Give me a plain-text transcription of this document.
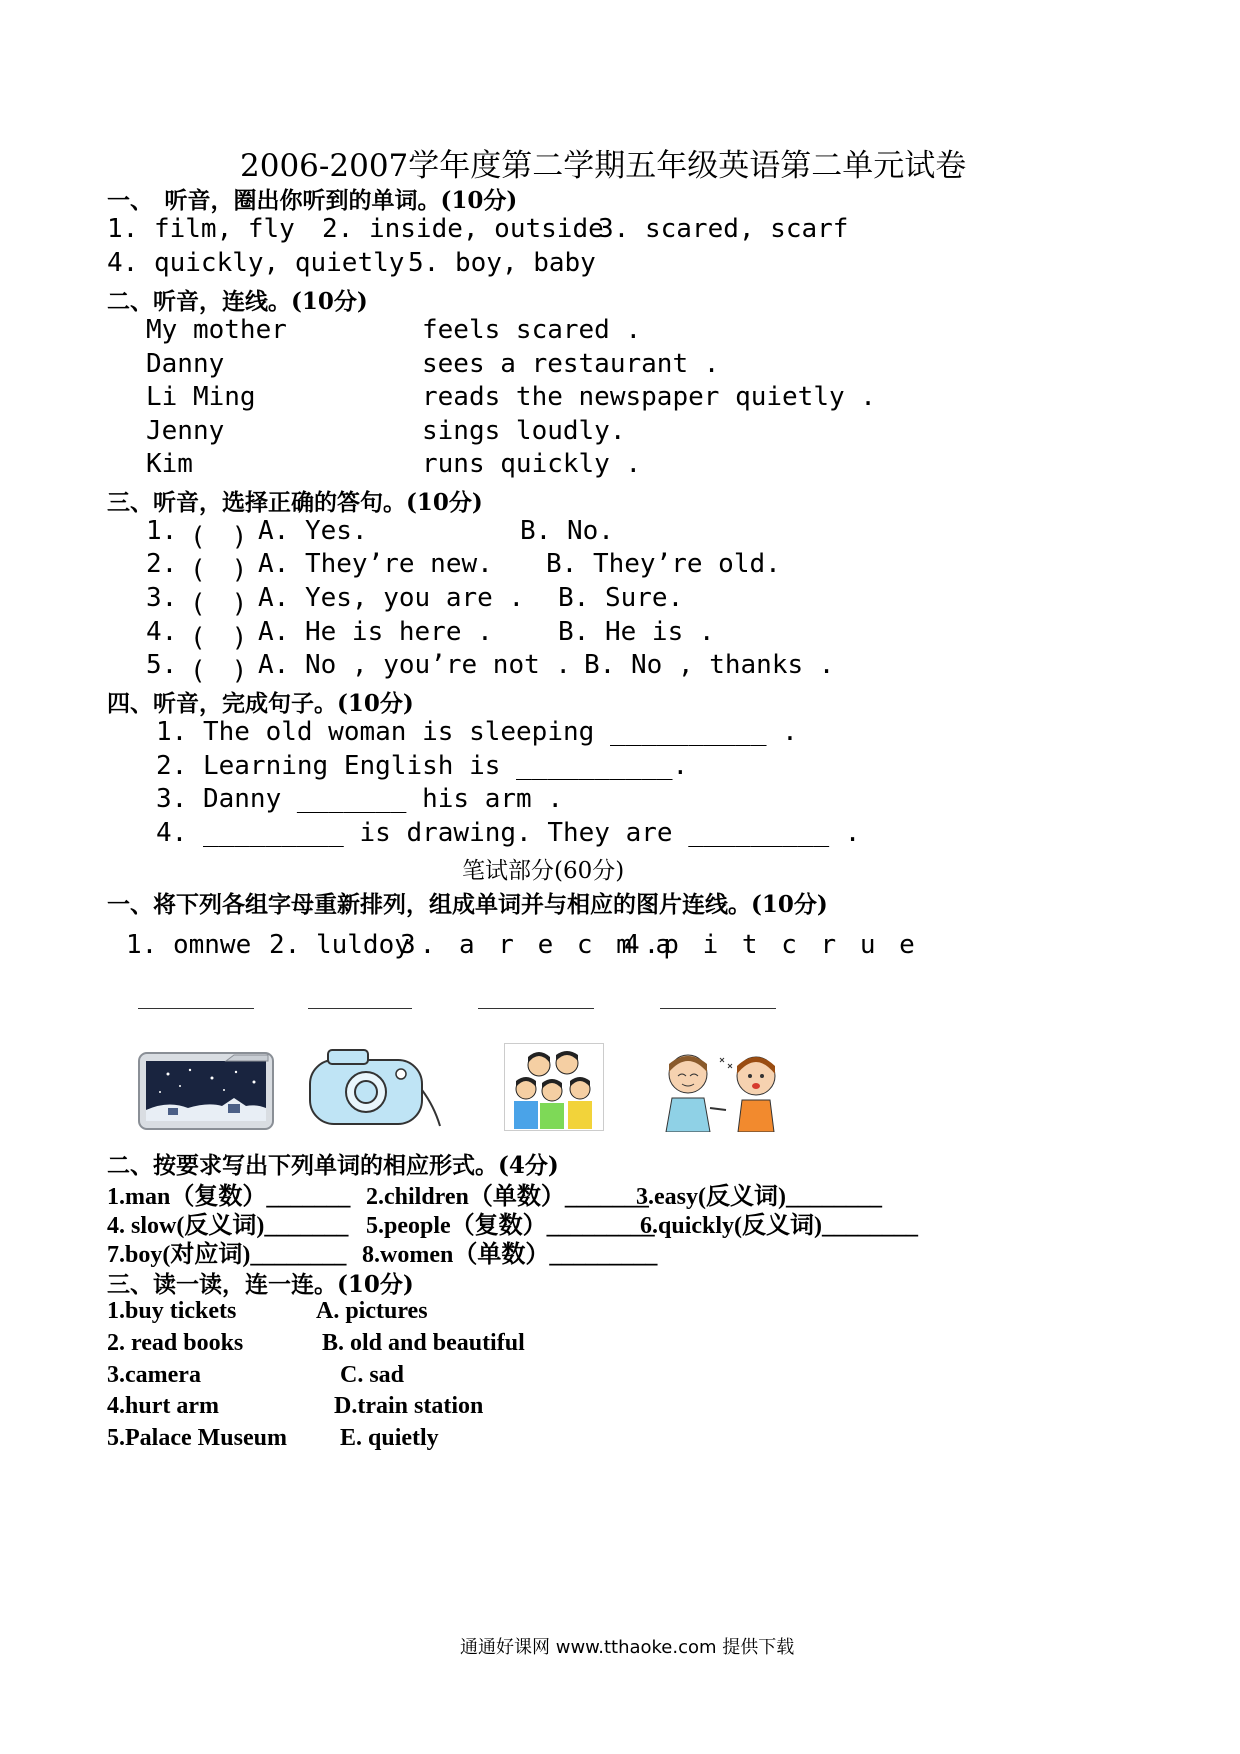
2006-2007学年度第二学期五年级英语第二单元试卷
一、　听音，圈出你听到的单词。(10分)
1. film, fly 2. inside, outside
3. scared, scarf
4. quickly, quietly 5. boy, baby
二、听音，连线。(10分)
My mother
Danny
Li Ming
Jenny
Kim
feels scared .
sees a restaurant .
reads the newspaper quietly .
sings loudly.
runs quickly .
三、听音，选择正确的答句。(10分)
1. (　) A. Yes.	B. No.
2. (　) A. They’re new. B. They’re old.
3. (　) A. Yes, you are . B. Sure.
4. (　) A. He is here .	B. He is .
5. (　) A. No , you’re not . B. No , thanks .
四、听音，完成句子。(10分)
1. The old woman is sleeping __________ .
2. Learning English is __________.
3. Danny _______ his arm .
4. _________ is drawing. They are _________ .
笔试部分(60分)
一、将下列各组字母重新排列，组成单词并与相应的图片连线。(10分)
1. omnwe 2. luldoy
3. a r e c m a
4.p i t c r u e
二、按要求写出下列单词的相应形式。(4分)
1.man（复数）_______ 2.children（单数）_______
3.easy(反义词)________
4. slow(反义词)_______ 5.people（复数）_________
6.quickly(反义词)________
7.boy(对应词)________ 8.women（单数）_________
三、读一读，连一连。(10分)
1.buy tickets
2. read books
3.camera
4.hurt arm
5.Palace Museum
A. pictures
B. old and beautiful
C. sad
D.train station
E. quietly
通通好课网 www.tthaoke.com 提供下载
